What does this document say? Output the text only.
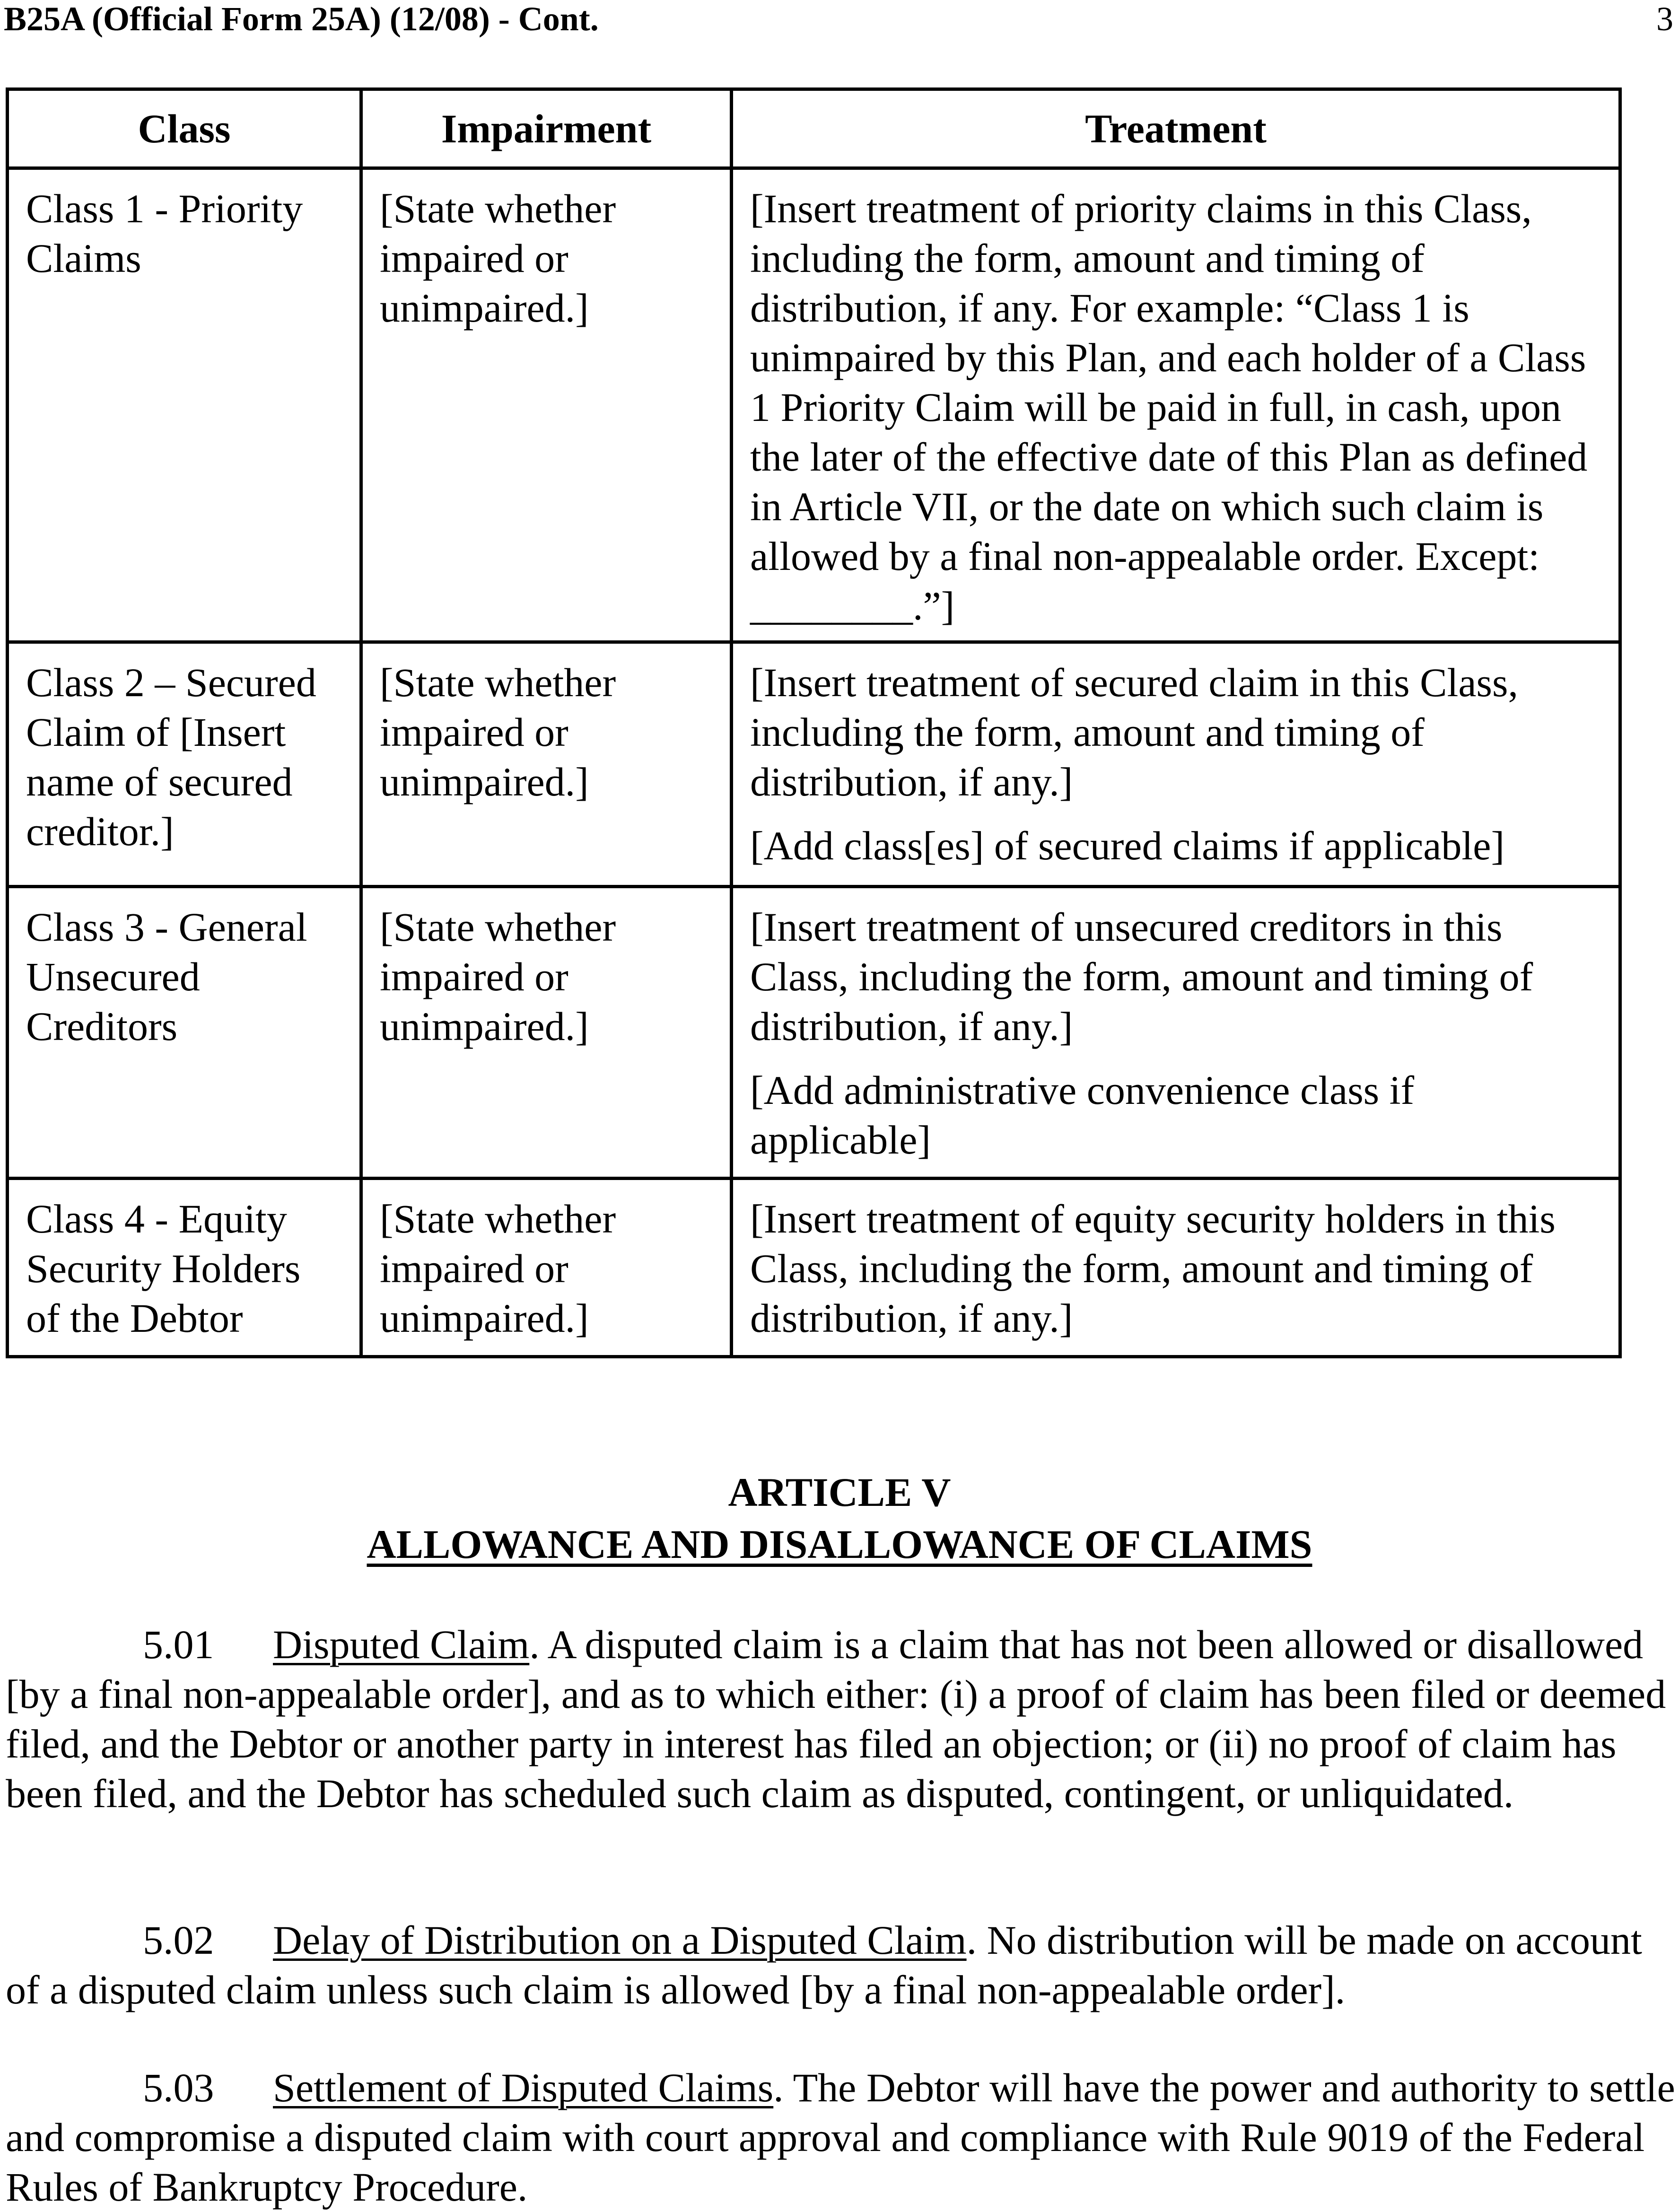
B25A (Official Form 25A) (12/08) - Cont.	3
Class	Impairment	Treatment
Class 1 - Priority Claims	[State whether impaired or unimpaired.]	[Insert treatment of priority claims in this Class, including the form, amount and timing of distribution, if any. For example: “Class 1 is unimpaired by this Plan, and each holder of a Class 1 Priority Claim will be paid in full, in cash, upon the later of the effective date of this Plan as defined in Article VII, or the date on which such claim is allowed by a final non-appealable order. Except: ________.”]

Class 2 – Secured Claim of [Insert name of secured creditor.]	[State whether impaired or unimpaired.]	[Insert treatment of secured claim in this Class, including the form, amount and timing of distribution, if any.]

[Add class[es] of secured claims if applicable]

Class 3 - General Unsecured Creditors	[State whether impaired or unimpaired.]	[Insert treatment of unsecured creditors in this Class, including the form, amount and timing of distribution, if any.]

[Add administrative convenience class if applicable]

Class 4 - Equity Security Holders of the Debtor	[State whether impaired or unimpaired.]	[Insert treatment of equity security holders in this Class, including the form, amount and timing of distribution, if any.]

ARTICLE V
ALLOWANCE AND DISALLOWANCE OF CLAIMS
5.01 Disputed Claim. A disputed claim is a claim that has not been allowed or disallowed [by a final non-appealable order], and as to which either: (i) a proof of claim has been filed or deemed filed, and the Debtor or another party in interest has filed an objection; or (ii) no proof of claim has been filed, and the Debtor has scheduled such claim as disputed, contingent, or unliquidated.
5.02 Delay of Distribution on a Disputed Claim. No distribution will be made on account of a disputed claim unless such claim is allowed [by a final non-appealable order].
5.03 Settlement of Disputed Claims. The Debtor will have the power and authority to settle and compromise a disputed claim with court approval and compliance with Rule 9019 of the Federal Rules of Bankruptcy Procedure.
